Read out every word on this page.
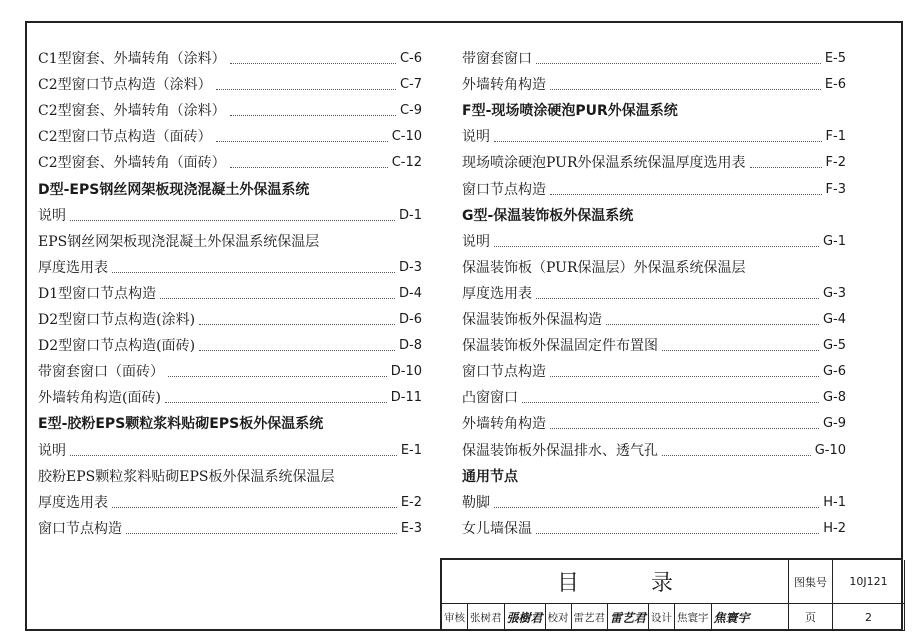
C1型窗套、外墙转角（涂料）	C-6
C2型窗口节点构造（涂料）	C-7
C2型窗套、外墙转角（涂料）	C-9
C2型窗口节点构造（面砖）	C-10
C2型窗套、外墙转角（面砖）	C-12
D型-EPS钢丝网架板现浇混凝土外保温系统
说明	D-1
EPS钢丝网架板现浇混凝土外保温系统保温层
厚度选用表	D-3
D1型窗口节点构造	D-4
D2型窗口节点构造(涂料)	D-6
D2型窗口节点构造(面砖)	D-8
带窗套窗口（面砖）	D-10
外墙转角构造(面砖)	D-11
E型-胶粉EPS颗粒浆料贴砌EPS板外保温系统
说明	E-1
胶粉EPS颗粒浆料贴砌EPS板外保温系统保温层
厚度选用表	E-2
窗口节点构造	E-3
带窗套窗口	E-5
外墙转角构造	E-6
F型-现场喷涂硬泡PUR外保温系统
说明	F-1
现场喷涂硬泡PUR外保温系统保温厚度选用表	F-2
窗口节点构造	F-3
G型-保温装饰板外保温系统
说明	G-1
保温装饰板（PUR保温层）外保温系统保温层
厚度选用表	G-3
保温装饰板外保温构造	G-4
保温装饰板外保温固定件布置图	G-5
窗口节点构造	G-6
凸窗窗口	G-8
外墙转角构造	G-9
保温装饰板外保温排水、透气孔	G-10
通用节点
勒脚	H-1
女儿墙保温	H-2
目录	图集号	10J121
页	2
审核 张树君 張樹君 校对 雷艺君 雷艺君 设计 焦寰宇 焦寰宇
